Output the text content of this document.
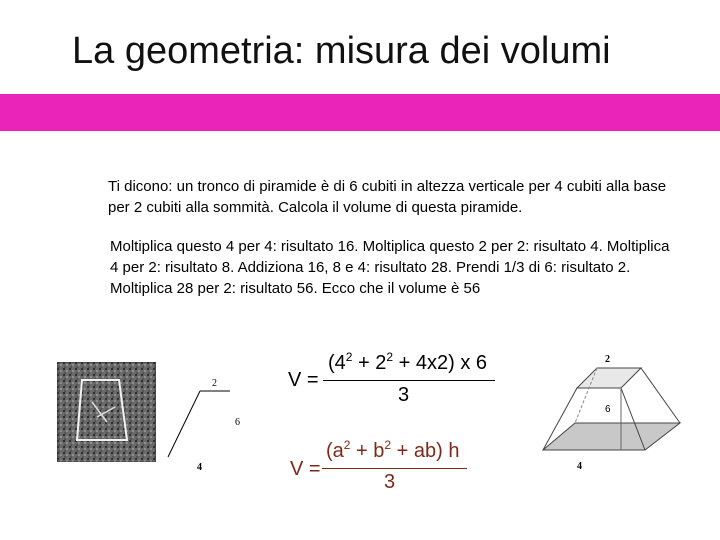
La geometria: misura dei volumi
Ti dicono: un tronco di piramide è di 6 cubiti in altezza verticale per 4 cubiti alla base per 2 cubiti alla sommità. Calcola il volume di questa piramide.
Moltiplica questo 4 per 4: risultato 16. Moltiplica questo 2 per 2: risultato 4. Moltiplica 4 per 2: risultato 8. Addiziona 16, 8 e 4: risultato 28. Prendi 1/3 di 6: risultato 2. Moltiplica 28 per 2: risultato 56. Ecco che il volume è 56
2
6
4
V =
$(4^2 + 2^2 + 4x2)$ x 6
3
V =
$(a^2 + b^2 + ab)$ h
3
2
6
4
